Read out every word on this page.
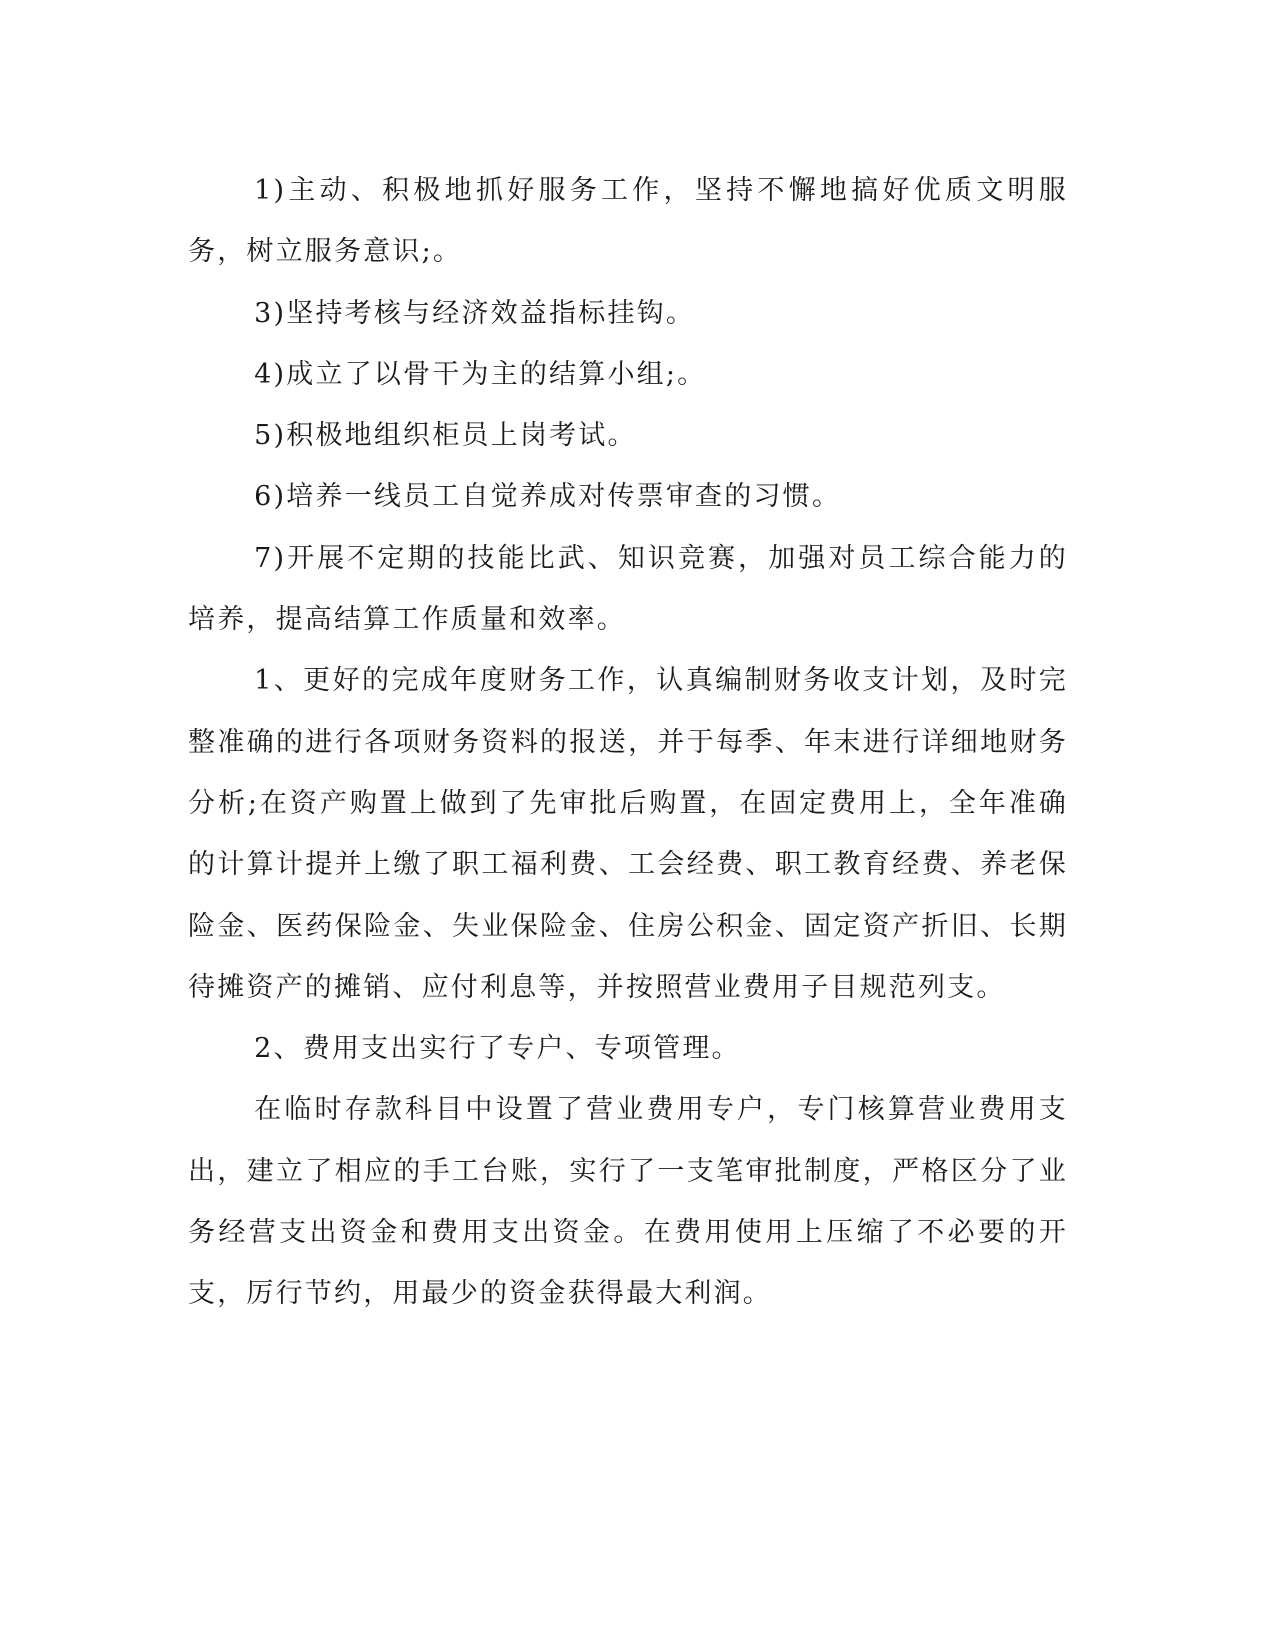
1)主动、积极地抓好服务工作，坚持不懈地搞好优质文明服务，树立服务意识;。

3)坚持考核与经济效益指标挂钩。

4)成立了以骨干为主的结算小组;。

5)积极地组织柜员上岗考试。

6)培养一线员工自觉养成对传票审查的习惯。

7)开展不定期的技能比武、知识竞赛，加强对员工综合能力的培养，提高结算工作质量和效率。

1、更好的完成年度财务工作，认真编制财务收支计划，及时完整准确的进行各项财务资料的报送，并于每季、年末进行详细地财务分析;在资产购置上做到了先审批后购置，在固定费用上，全年准确的计算计提并上缴了职工福利费、工会经费、职工教育经费、养老保险金、医药保险金、失业保险金、住房公积金、固定资产折旧、长期待摊资产的摊销、应付利息等，并按照营业费用子目规范列支。

2、费用支出实行了专户、专项管理。

在临时存款科目中设置了营业费用专户，专门核算营业费用支出，建立了相应的手工台账，实行了一支笔审批制度，严格区分了业务经营支出资金和费用支出资金。在费用使用上压缩了不必要的开支，厉行节约，用最少的资金获得最大利润。
